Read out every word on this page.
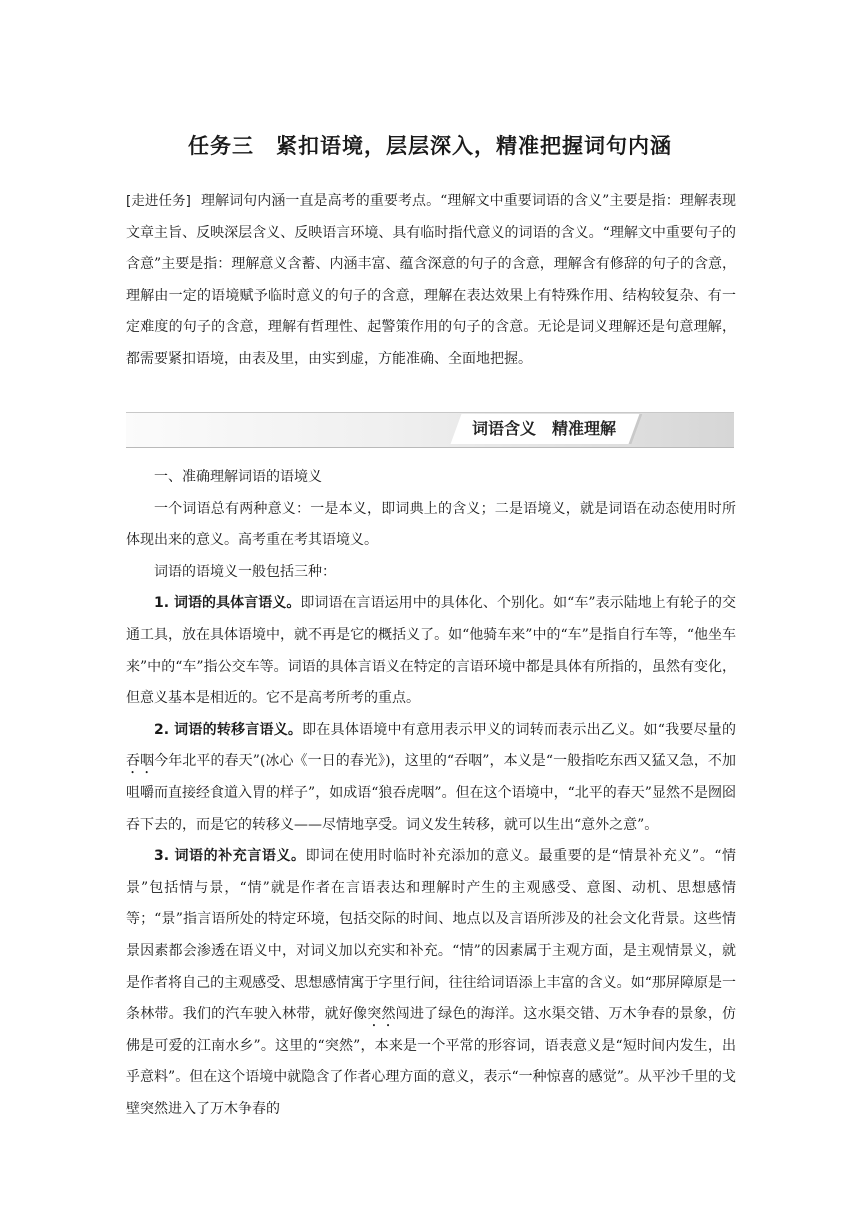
任务三　紧扣语境，层层深入，精准把握词句内涵

[走进任务] 理解词句内涵一直是高考的重要考点。“理解文中重要词语的含义”主要是指：理解表现文章主旨、反映深层含义、反映语言环境、具有临时指代意义的词语的含义。“理解文中重要句子的含意”主要是指：理解意义含蓄、内涵丰富、蕴含深意的句子的含意，理解含有修辞的句子的含意，理解由一定的语境赋予临时意义的句子的含意，理解在表达效果上有特殊作用、结构较复杂、有一定难度的句子的含意，理解有哲理性、起警策作用的句子的含意。无论是词义理解还是句意理解，都需要紧扣语境，由表及里，由实到虚，方能准确、全面地把握。

词语含义　精准理解

一、准确理解词语的语境义

一个词语总有两种意义：一是本义，即词典上的含义；二是语境义，就是词语在动态使用时所体现出来的意义。高考重在考其语境义。

词语的语境义一般包括三种：

1. 词语的具体言语义。即词语在言语运用中的具体化、个别化。如“车”表示陆地上有轮子的交通工具，放在具体语境中，就不再是它的概括义了。如“他骑车来”中的“车”是指自行车等，“他坐车来”中的“车”指公交车等。词语的具体言语义在特定的言语环境中都是具体有所指的，虽然有变化，但意义基本是相近的。它不是高考所考的重点。

2. 词语的转移言语义。即在具体语境中有意用表示甲义的词转而表示出乙义。如“我要尽量的吞咽今年北平的春天”(冰心《一日的春光》)，这里的“吞咽”，本义是“一般指吃东西又猛又急，不加咀嚼而直接经食道入胃的样子”，如成语“狼吞虎咽”。但在这个语境中，“北平的春天”显然不是囫囵吞下去的，而是它的转移义——尽情地享受。词义发生转移，就可以生出“意外之意”。

3. 词语的补充言语义。即词在使用时临时补充添加的意义。最重要的是“情景补充义”。“情景”包括情与景，“情”就是作者在言语表达和理解时产生的主观感受、意图、动机、思想感情等；“景”指言语所处的特定环境，包括交际的时间、地点以及言语所涉及的社会文化背景。这些情景因素都会渗透在语义中，对词义加以充实和补充。“情”的因素属于主观方面，是主观情景义，就是作者将自己的主观感受、思想感情寓于字里行间，往往给词语添上丰富的含义。如“那屏障原是一条林带。我们的汽车驶入林带，就好像突然闯进了绿色的海洋。这水渠交错、万木争春的景象，仿佛是可爱的江南水乡”。这里的“突然”，本来是一个平常的形容词，语表意义是“短时间内发生，出乎意料”。但在这个语境中就隐含了作者心理方面的意义，表示“一种惊喜的感觉”。从平沙千里的戈壁突然进入了万木争春的
